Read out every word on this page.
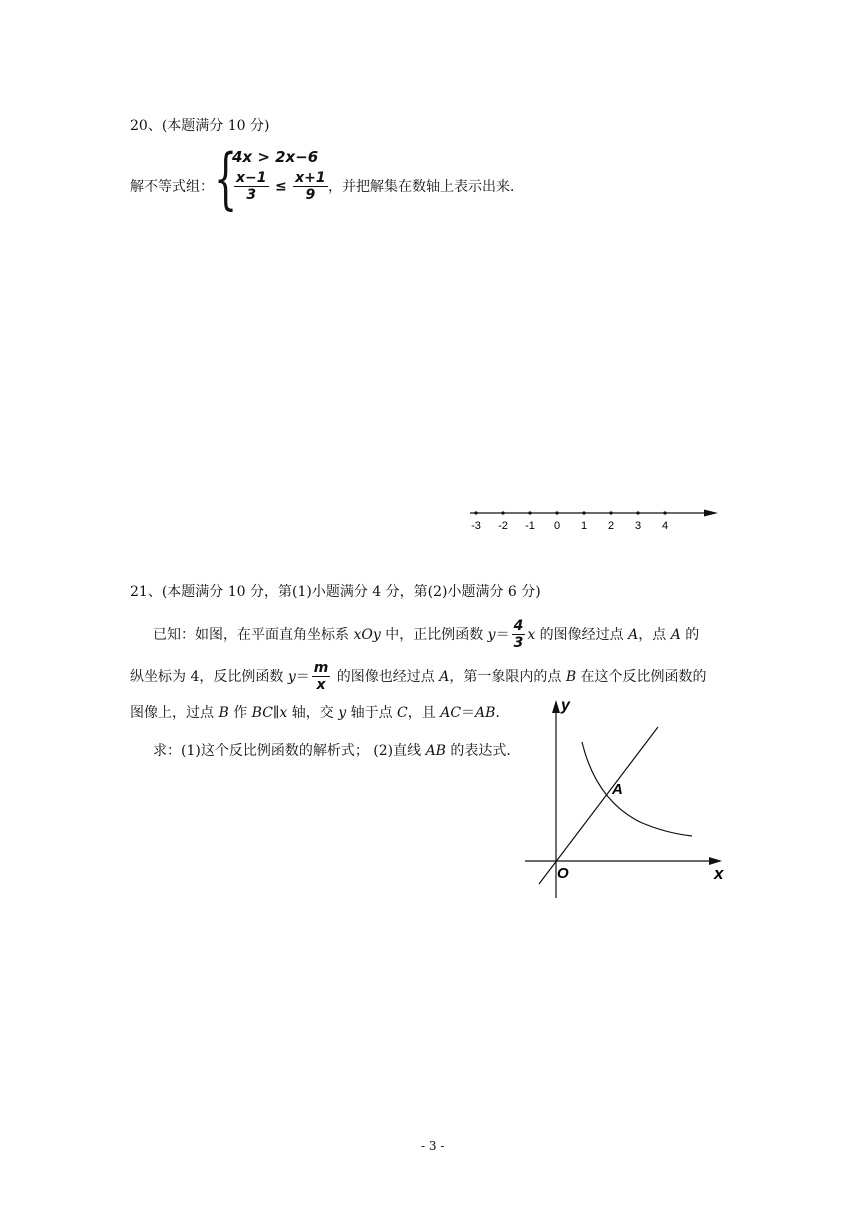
20、(本题满分 10 分)
解不等式组： {
4x > 2x−6
$\frac{x-1}{3} \le \frac{x+1}{9}$ ，并把解集在数轴上表示出来．
-3 -2 -1 0 1 2 3 4
21、(本题满分 10 分，第(1)小题满分 4 分，第(2)小题满分 6 分)
已知：如图，在平面直角坐标系 xOy 中，正比例函数 $y= \frac{4}{3}$ x 的图像经过点 A，点 A 的
纵坐标为 4，反比例函数 $y= \frac{m}{x}$ 的图像也经过点 A，第一象限内的点 B 在这个反比例函数的
图像上，过点 B 作 BC∥x 轴，交 y 轴于点 C，且 AC＝AB．
求：(1)这个反比例函数的解析式； (2)直线 AB 的表达式．
y
x
O
A
- 3 -
